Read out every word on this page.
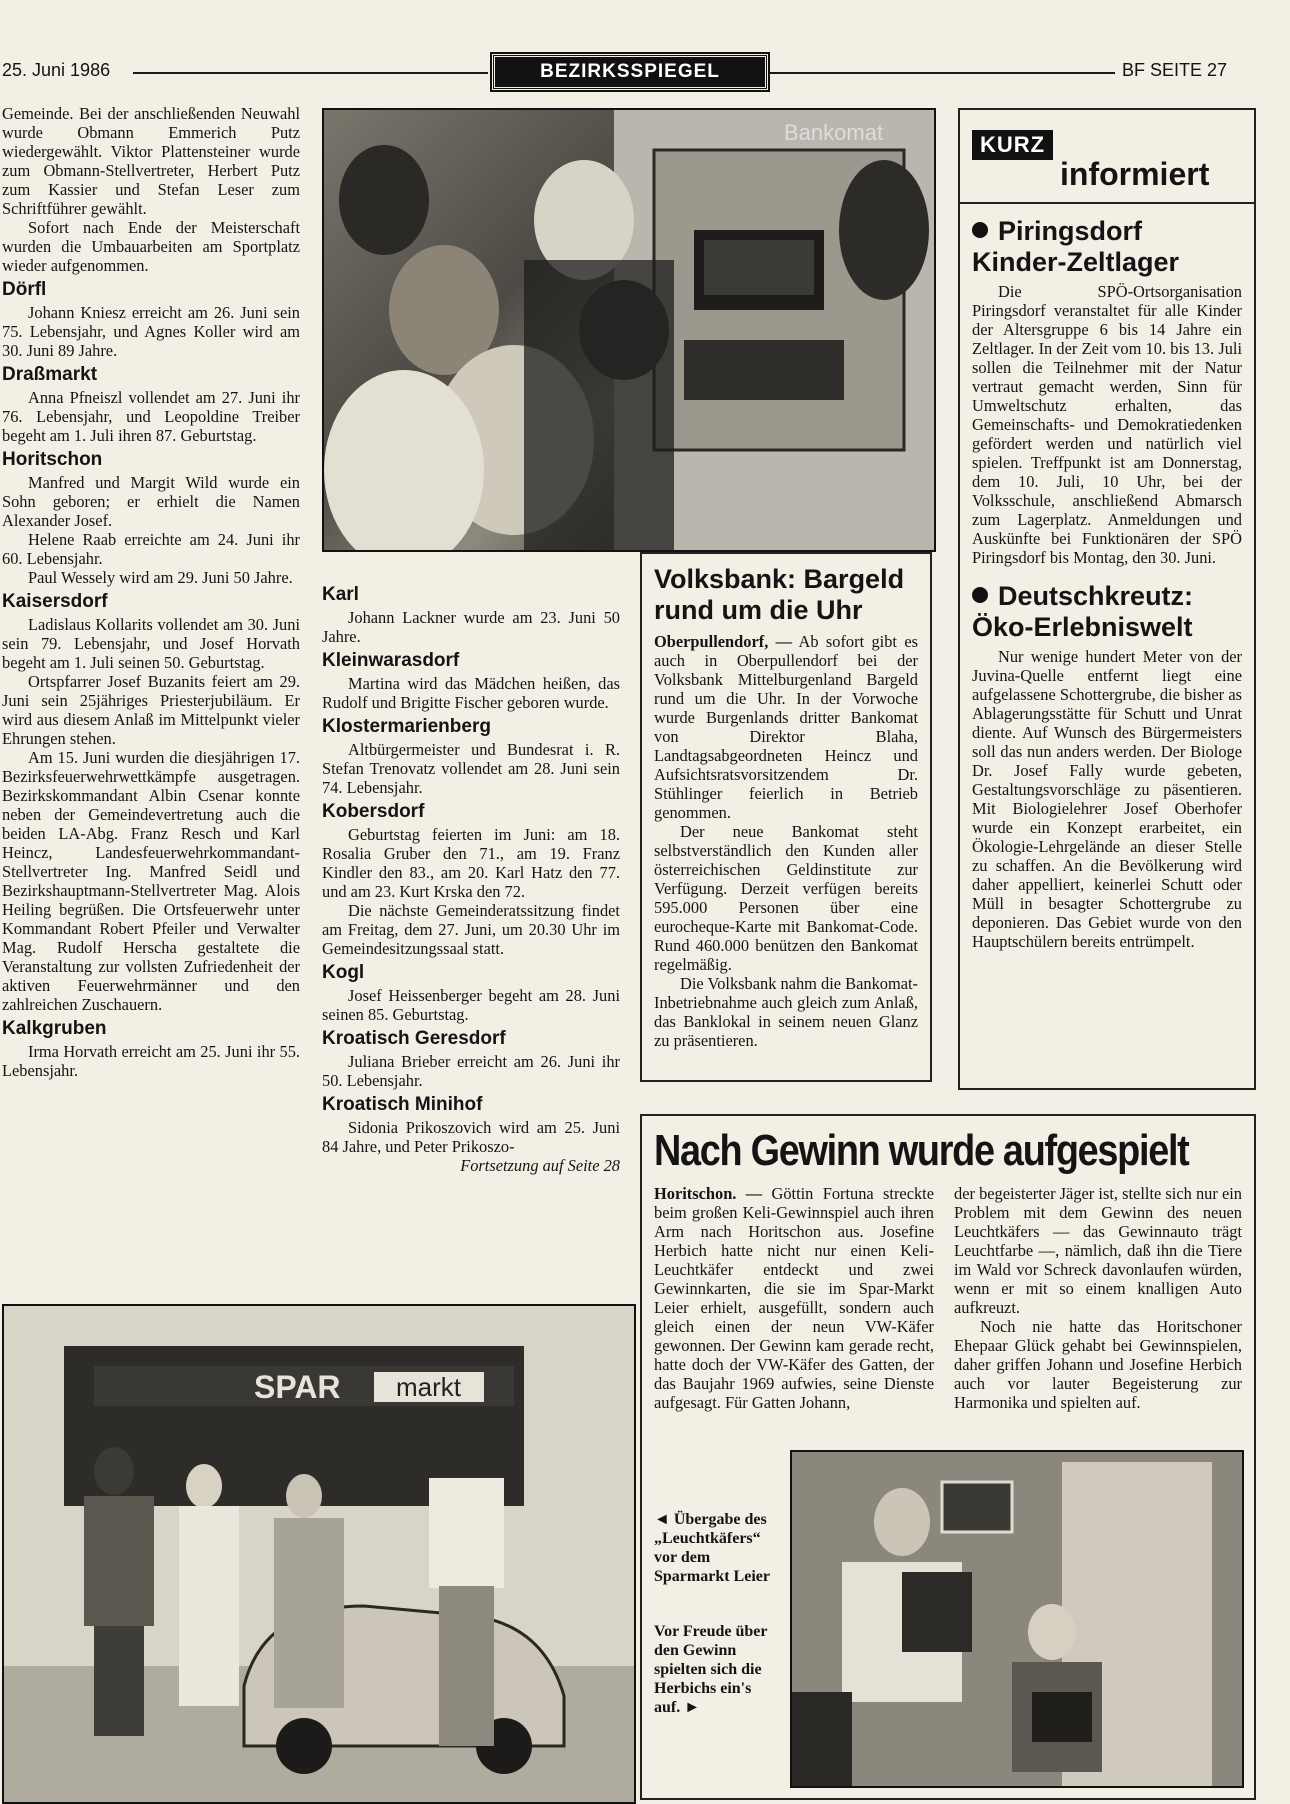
25. Juni 1986	BEZIRKSSPIEGEL	BF SEITE 27

Gemeinde. Bei der anschließenden Neuwahl wurde Obmann Emmerich Putz wiedergewählt. Viktor Plattensteiner wurde zum Obmann-Stellvertreter, Herbert Putz zum Kassier und Stefan Leser zum Schriftführer gewählt.

Sofort nach Ende der Meisterschaft wurden die Umbauarbeiten am Sportplatz wieder aufgenommen.

Dörfl

Johann Kniesz erreicht am 26. Juni sein 75. Lebensjahr, und Agnes Koller wird am 30. Juni 89 Jahre.

Draßmarkt

Anna Pfneiszl vollendet am 27. Juni ihr 76. Lebensjahr, und Leopoldine Treiber begeht am 1. Juli ihren 87. Geburtstag.

Horitschon

Manfred und Margit Wild wurde ein Sohn geboren; er erhielt die Namen Alexander Josef.

Helene Raab erreichte am 24. Juni ihr 60. Lebensjahr.

Paul Wessely wird am 29. Juni 50 Jahre.

Kaisersdorf

Ladislaus Kollarits vollendet am 30. Juni sein 79. Lebensjahr, und Josef Horvath begeht am 1. Juli seinen 50. Geburtstag.

Ortspfarrer Josef Buzanits feiert am 29. Juni sein 25jähriges Priesterjubiläum. Er wird aus diesem Anlaß im Mittelpunkt vieler Ehrungen stehen.

Am 15. Juni wurden die diesjährigen 17. Bezirksfeuerwehrwettkämpfe ausgetragen. Bezirkskommandant Albin Csenar konnte neben der Gemeindevertretung auch die beiden LA-Abg. Franz Resch und Karl Heincz, Landesfeuerwehrkommandant-Stellvertreter Ing. Manfred Seidl und Bezirkshauptmann-Stellvertreter Mag. Alois Heiling begrüßen. Die Ortsfeuerwehr unter Kommandant Robert Pfeiler und Verwalter Mag. Rudolf Herscha gestaltete die Veranstaltung zur vollsten Zufriedenheit der aktiven Feuerwehrmänner und den zahlreichen Zuschauern.

Kalkgruben

Irma Horvath erreicht am 25. Juni ihr 55. Lebensjahr.

Bankomat
Karl

Johann Lackner wurde am 23. Juni 50 Jahre.

Kleinwarasdorf

Martina wird das Mädchen heißen, das Rudolf und Brigitte Fischer geboren wurde.

Klostermarienberg

Altbürgermeister und Bundesrat i. R. Stefan Trenovatz vollendet am 28. Juni sein 74. Lebensjahr.

Kobersdorf

Geburtstag feierten im Juni: am 18. Rosalia Gruber den 71., am 19. Franz Kindler den 83., am 20. Karl Hatz den 77. und am 23. Kurt Krska den 72.

Die nächste Gemeinderatssitzung findet am Freitag, dem 27. Juni, um 20.30 Uhr im Gemeindesitzungssaal statt.

Kogl

Josef Heissenberger begeht am 28. Juni seinen 85. Geburtstag.

Kroatisch Geresdorf

Juliana Brieber erreicht am 26. Juni ihr 50. Lebensjahr.

Kroatisch Minihof

Sidonia Prikoszovich wird am 25. Juni 84 Jahre, und Peter Prikoszo-

Fortsetzung auf Seite 28
Volksbank: Bargeld rund um die Uhr

Oberpullendorf, — Ab sofort gibt es auch in Oberpullendorf bei der Volksbank Mittelburgenland Bargeld rund um die Uhr. In der Vorwoche wurde Burgenlands dritter Bankomat von Direktor Blaha, Landtagsabgeordneten Heincz und Aufsichtsratsvorsitzendem Dr. Stühlinger feierlich in Betrieb genommen.

Der neue Bankomat steht selbstverständlich den Kunden aller österreichischen Geldinstitute zur Verfügung. Derzeit verfügen bereits 595.000 Personen über eine eurocheque-Karte mit Bankomat-Code. Rund 460.000 benützen den Bankomat regelmäßig.

Die Volksbank nahm die Bankomat-Inbetriebnahme auch gleich zum Anlaß, das Banklokal in seinem neuen Glanz zu präsentieren.

KURZ
informiert
Piringsdorf Kinder-Zeltlager

Die SPÖ-Ortsorganisation Piringsdorf veranstaltet für alle Kinder der Altersgruppe 6 bis 14 Jahre ein Zeltlager. In der Zeit vom 10. bis 13. Juli sollen die Teilnehmer mit der Natur vertraut gemacht werden, Sinn für Umweltschutz erhalten, das Gemeinschafts- und Demokratiedenken gefördert werden und natürlich viel spielen. Treffpunkt ist am Donnerstag, dem 10. Juli, 10 Uhr, bei der Volksschule, anschließend Abmarsch zum Lagerplatz. Anmeldungen und Auskünfte bei Funktionären der SPÖ Piringsdorf bis Montag, den 30. Juni.

Deutschkreutz: Öko-Erlebniswelt

Nur wenige hundert Meter von der Juvina-Quelle entfernt liegt eine aufgelassene Schottergrube, die bisher as Ablagerungsstätte für Schutt und Unrat diente. Auf Wunsch des Bürgermeisters soll das nun anders werden. Der Biologe Dr. Josef Fally wurde gebeten, Gestaltungsvorschläge zu päsentieren. Mit Biologielehrer Josef Oberhofer wurde ein Konzept erarbeitet, ein Ökologie-Lehrgelände an dieser Stelle zu schaffen. An die Bevölkerung wird daher appelliert, keinerlei Schutt oder Müll in besagter Schottergrube zu deponieren. Das Gebiet wurde von den Hauptschülern bereits entrümpelt.

Nach Gewinn wurde aufgespielt

Horitschon. — Göttin Fortuna streckte beim großen Keli-Gewinnspiel auch ihren Arm nach Horitschon aus. Josefine Herbich hatte nicht nur einen Keli-Leuchtkäfer entdeckt und zwei Gewinnkarten, die sie im Spar-Markt Leier erhielt, ausgefüllt, sondern auch gleich einen der neun VW-Käfer gewonnen. Der Gewinn kam gerade recht, hatte doch der VW-Käfer des Gatten, der das Baujahr 1969 aufwies, seine Dienste aufgesagt. Für Gatten Johann,

der begeisterter Jäger ist, stellte sich nur ein Problem mit dem Gewinn des neuen Leuchtkäfers — das Gewinnauto trägt Leuchtfarbe —, nämlich, daß ihn die Tiere im Wald vor Schreck davonlaufen würden, wenn er mit so einem knalligen Auto aufkreuzt.

Noch nie hatte das Horitschoner Ehepaar Glück gehabt bei Gewinnspielen, daher griffen Johann und Josefine Herbich auch vor lauter Begeisterung zur Harmonika und spielten auf.

◄ Übergabe des „Leuchtkäfers“ vor dem Sparmarkt Leier
Vor Freude über den Gewinn spielten sich die Herbichs ein's auf. ►
SPAR markt
